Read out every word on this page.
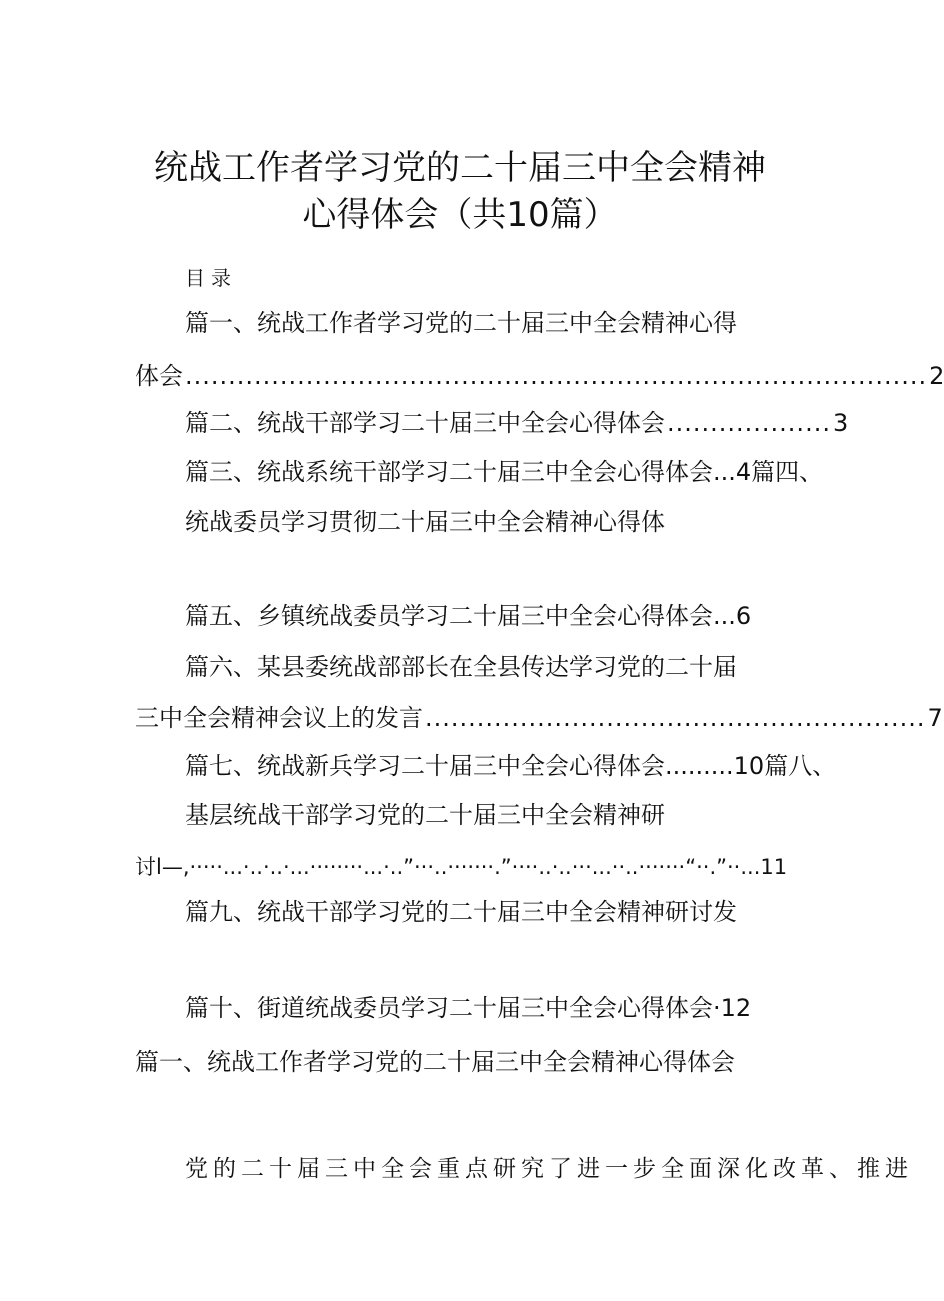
统战工作者学习党的二十届三中全会精神
心得体会（共10篇）
目录
篇一、统战工作者学习党的二十届三中全会精神心得
体会 ...................................................................................... 2
篇二、统战干部学习二十届三中全会心得体会 ................... 3
篇三、统战系统干部学习二十届三中全会心得体会...4篇四、
统战委员学习贯彻二十届三中全会精神心得体
篇五、乡镇统战委员学习二十届三中全会心得体会...6
篇六、某县委统战部部长在全县传达学习党的二十届
三中全会精神会议上的发言 .......................................................... 7
篇七、统战新兵学习二十届三中全会心得体会.........10篇八、
基层统战干部学习党的二十届三中全会精神研
讨l—,·····...·..·..·...········...·..”···..·······.”····..·..···...··..·······“··.”··...11
篇九、统战干部学习党的二十届三中全会精神研讨发
篇十、街道统战委员学习二十届三中全会心得体会·12
篇一、统战工作者学习党的二十届三中全会精神心得体会
党的二十届三中全会重点研究了进一步全面深化改革、推进
